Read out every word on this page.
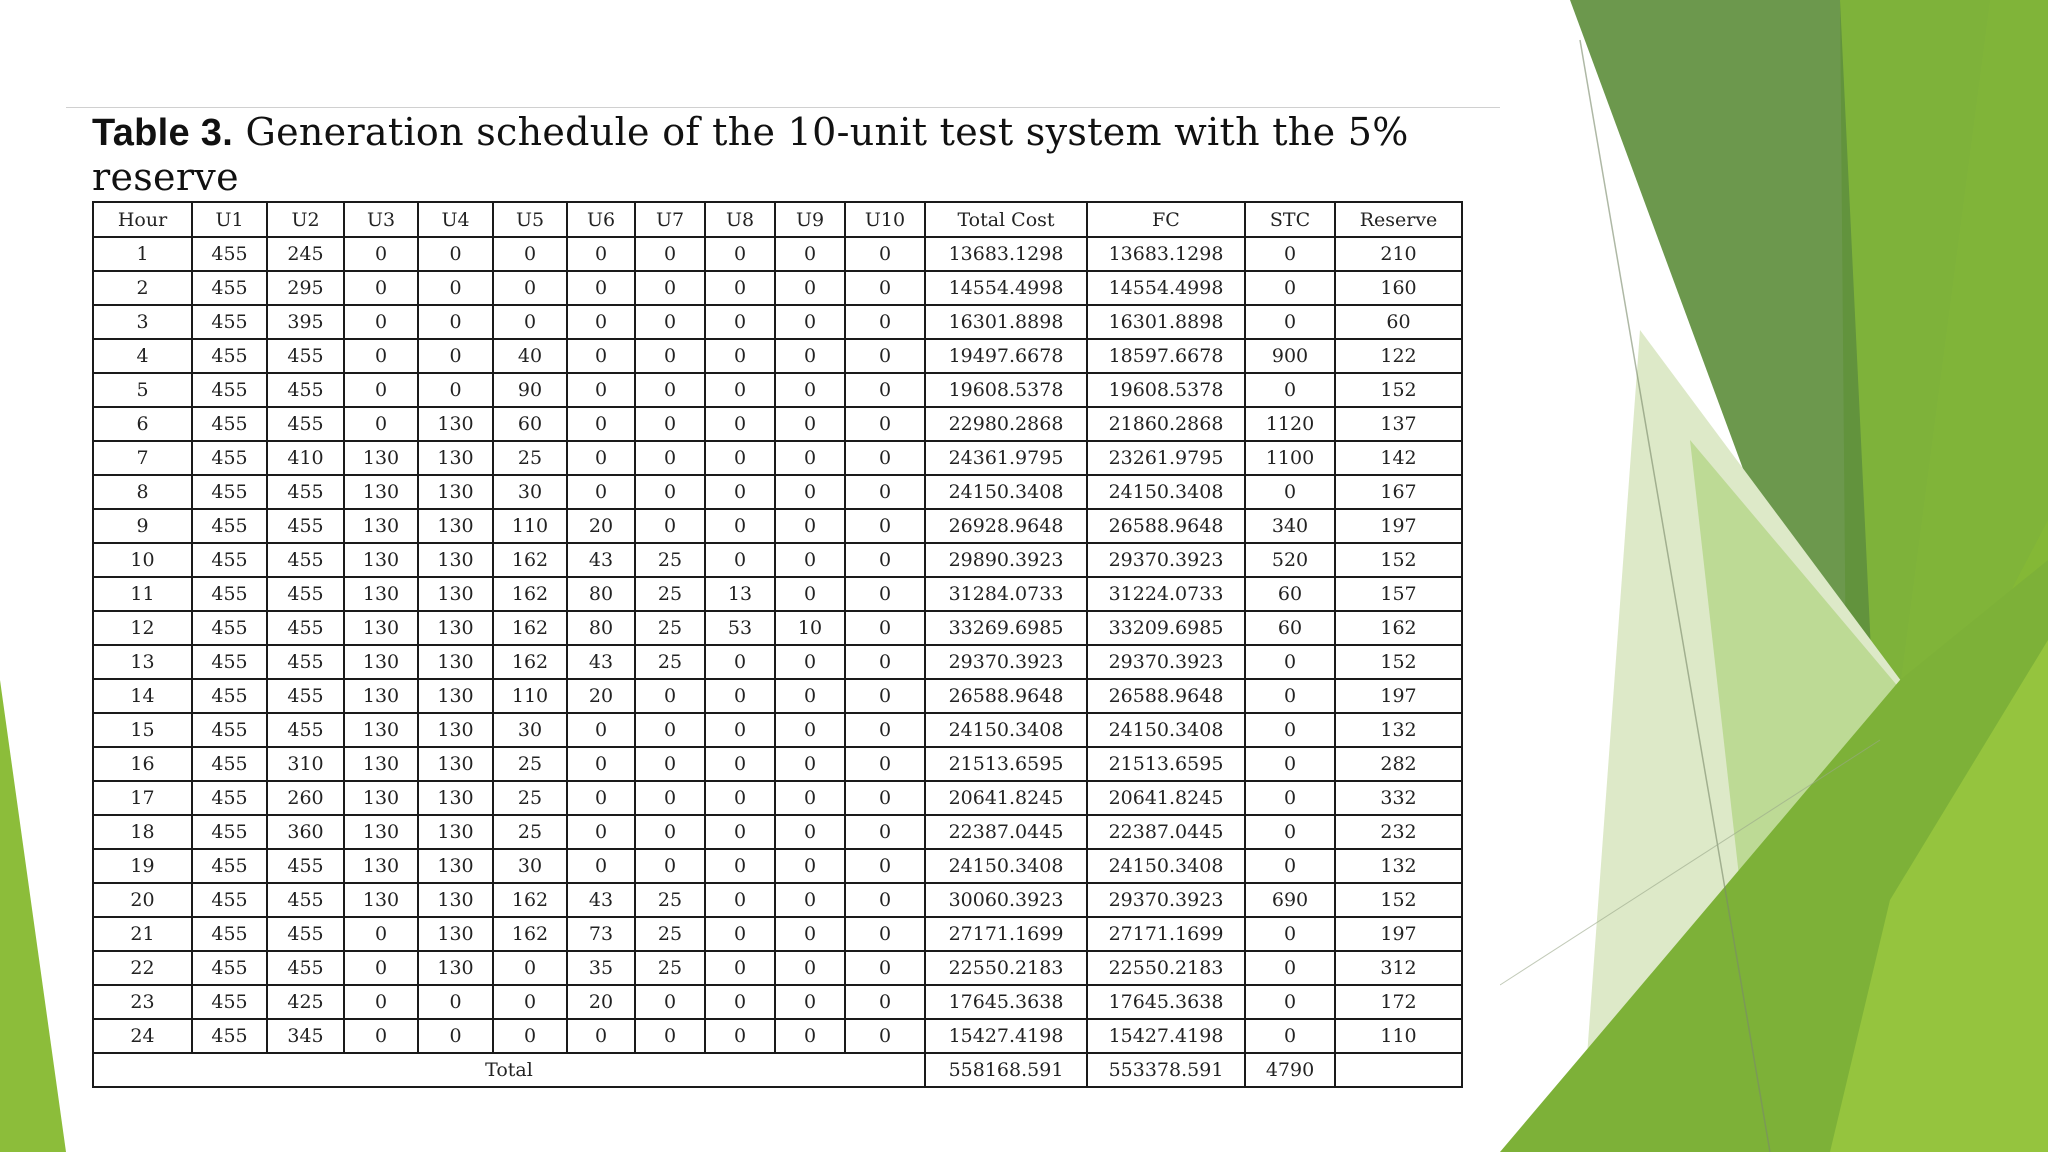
Table 3. Generation schedule of the 10-unit test system with the 5% reserve
Hour	U1	U2	U3	U4	U5	U6	U7	U8	U9	U10	Total Cost	FC	STC	Reserve
1	455	245	0	0	0	0	0	0	0	0	13683.1298	13683.1298	0	210
2	455	295	0	0	0	0	0	0	0	0	14554.4998	14554.4998	0	160
3	455	395	0	0	0	0	0	0	0	0	16301.8898	16301.8898	0	60
4	455	455	0	0	40	0	0	0	0	0	19497.6678	18597.6678	900	122
5	455	455	0	0	90	0	0	0	0	0	19608.5378	19608.5378	0	152
6	455	455	0	130	60	0	0	0	0	0	22980.2868	21860.2868	1120	137
7	455	410	130	130	25	0	0	0	0	0	24361.9795	23261.9795	1100	142
8	455	455	130	130	30	0	0	0	0	0	24150.3408	24150.3408	0	167
9	455	455	130	130	110	20	0	0	0	0	26928.9648	26588.9648	340	197
10	455	455	130	130	162	43	25	0	0	0	29890.3923	29370.3923	520	152
11	455	455	130	130	162	80	25	13	0	0	31284.0733	31224.0733	60	157
12	455	455	130	130	162	80	25	53	10	0	33269.6985	33209.6985	60	162
13	455	455	130	130	162	43	25	0	0	0	29370.3923	29370.3923	0	152
14	455	455	130	130	110	20	0	0	0	0	26588.9648	26588.9648	0	197
15	455	455	130	130	30	0	0	0	0	0	24150.3408	24150.3408	0	132
16	455	310	130	130	25	0	0	0	0	0	21513.6595	21513.6595	0	282
17	455	260	130	130	25	0	0	0	0	0	20641.8245	20641.8245	0	332
18	455	360	130	130	25	0	0	0	0	0	22387.0445	22387.0445	0	232
19	455	455	130	130	30	0	0	0	0	0	24150.3408	24150.3408	0	132
20	455	455	130	130	162	43	25	0	0	0	30060.3923	29370.3923	690	152
21	455	455	0	130	162	73	25	0	0	0	27171.1699	27171.1699	0	197
22	455	455	0	130	0	35	25	0	0	0	22550.2183	22550.2183	0	312
23	455	425	0	0	0	20	0	0	0	0	17645.3638	17645.3638	0	172
24	455	345	0	0	0	0	0	0	0	0	15427.4198	15427.4198	0	110
Total											558168.591	553378.591	4790	
